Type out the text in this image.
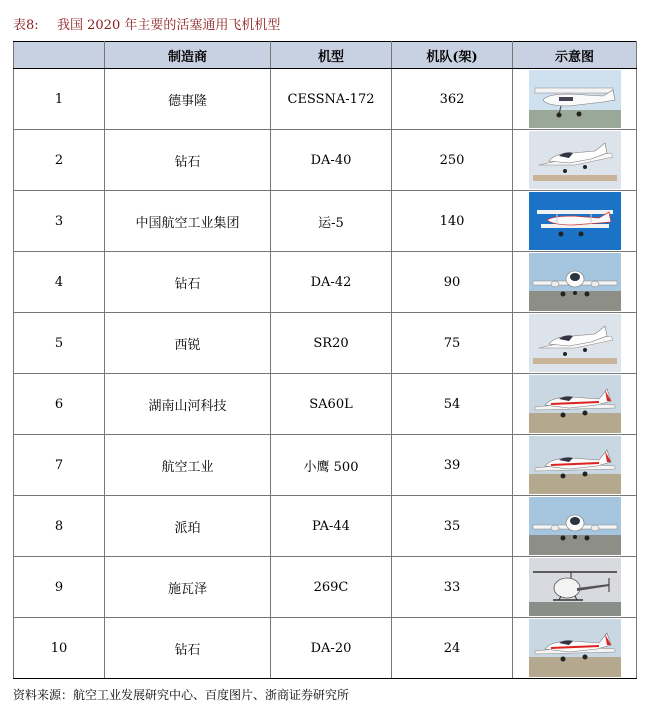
表8: 我国 2020 年主要的活塞通用飞机机型
	制造商	机型	机队(架)	示意图
1	德事隆	CESSNA-172	362	

2	钻石	DA-40	250	

3	中国航空工业集团	运-5	140	

4	钻石	DA-42	90	

5	西锐	SR20	75	

6	湖南山河科技	SA60L	54	

7	航空工业	小鹰 500	39	

8	派珀	PA-44	35	

9	施瓦泽	269C	33	

10	钻石	DA-20	24	
资料来源：航空工业发展研究中心、百度图片、浙商证券研究所
